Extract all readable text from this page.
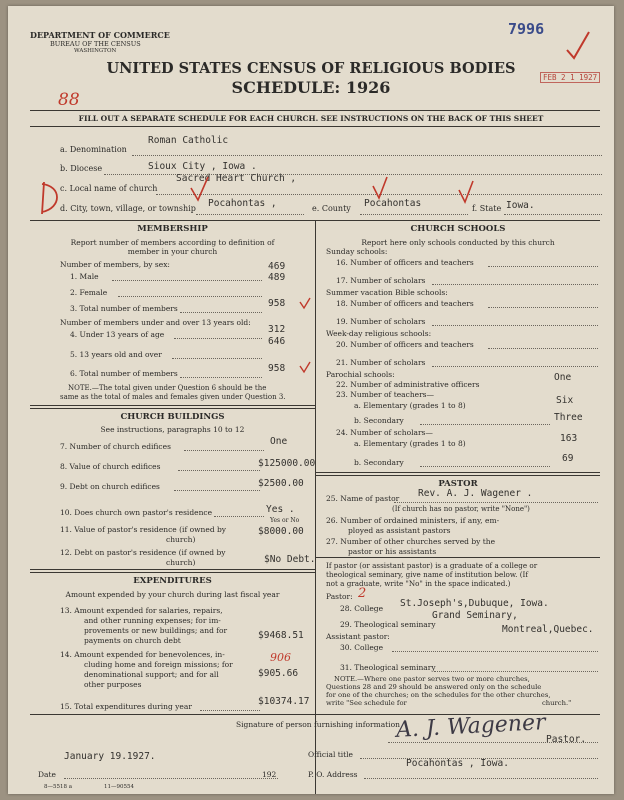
DEPARTMENT OF COMMERCE
BUREAU OF THE CENSUS
WASHINGTON
7996
UNITED STATES CENSUS OF RELIGIOUS BODIES
SCHEDULE: 1926
88
FEB 2 1 1927
FILL OUT A SEPARATE SCHEDULE FOR EACH CHURCH. SEE INSTRUCTIONS ON THE BACK OF THIS SHEET
a. Denomination
Roman Catholic
b. Diocese	Sioux City , Iowa .
c. Local name of church
Sacred Heart Church ,
d. City, town, village, or township Pocahontas ,	e. County Pocahontas	f. State Iowa.
MEMBERSHIP
Report number of members according to definition of
member in your church
Number of members, by sex:
1. Male
469
2. Female
489
3. Total number of members	958
Number of members under and over 13 years old:
4. Under 13 years of age	312
5. 13 years old and over
646
6. Total number of members	958
NOTE.—The total given under Question 6 should be the
same as the total of males and females given under Question 3.
CHURCH BUILDINGS
See instructions, paragraphs 10 to 12
7. Number of church edifices	One
8. Value of church edifices	$125000.00
9. Debt on church edifices	$2500.00
10. Does church own pastor's residence	Yes .
Yes or No
11. Value of pastor's residence (if owned by
church)
$8000.00
12. Debt on pastor's residence (if owned by
church)	$No Debt.
EXPENDITURES
Amount expended by your church during last fiscal year
13. Amount expended for salaries, repairs,
and other running expenses; for im-
provements or new buildings; and for
payments on church debt	$9468.51
14. Amount expended for benevolences, in-
cluding home and foreign missions; for
denominational support; and for all
other purposes
906
$905.66
15. Total expenditures during year	$10374.17
CHURCH SCHOOLS
Report here only schools conducted by this church
Sunday schools:
16. Number of officers and teachers
17. Number of scholars
Summer vacation Bible schools:
18. Number of officers and teachers
19. Number of scholars
Week-day religious schools:
20. Number of officers and teachers
21. Number of scholars
Parochial schools:
22. Number of administrative officers
One
23. Number of teachers—
a. Elementary (grades 1 to 8)	Six
b. Secondary	Three
24. Number of scholars—
a. Elementary (grades 1 to 8)	163
b. Secondary	69
PASTOR
25. Name of pastor Rev. A. J. Wagener .
(If church has no pastor, write "None")
26. Number of ordained ministers, if any, em-
ployed as assistant pastors
27. Number of other churches served by the
pastor or his assistants
If pastor (or assistant pastor) is a graduate of a college or
theological seminary, give name of institution below. (If
not a graduate, write "No" in the space indicated.)
Pastor: 2
28. College St.Joseph's,Dubuque, Iowa.
29. Theological seminary
Grand Seminary,
Montreal,Quebec.
Assistant pastor:
30. College
31. Theological seminary
NOTE.—Where one pastor serves two or more churches,
Questions 28 and 29 should be answered only on the schedule
for one of the churches; on the schedules for the other churches,
write "See schedule for	church."
Signature of person furnishing information
A. J. Wagener
Official title
Pastor.
January 19.1927.
Date	192	P. O. Address
Pocahontas , Iowa.
8—5518 a	11—90554
